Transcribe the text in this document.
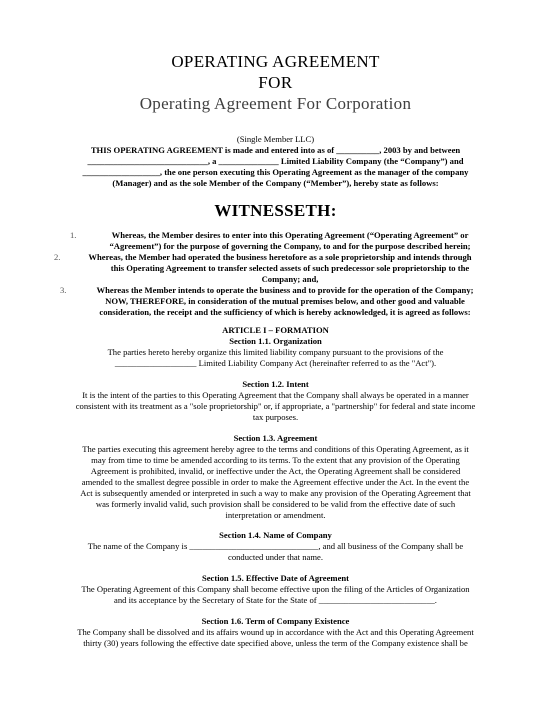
OPERATING AGREEMENT
FOR
Operating Agreement For Corporation
(Single Member LLC)
THIS OPERATING AGREEMENT is made and entered into as of __________, 2003 by and between
____________________________, a ______________ Limited Liability Company (the “Company”) and
__________________, the one person executing this Operating Agreement as the manager of the company
(Manager) and as the sole Member of the Company (“Member”), hereby state as follows:
WITNESSETH:
1.	Whereas, the Member desires to enter into this Operating Agreement (“Operating Agreement” or
“Agreement”) for the purpose of governing the Company, to and for the purpose described herein;
2.	Whereas, the Member had operated the business heretofore as a sole proprietorship and intends through
this Operating Agreement to transfer selected assets of such predecessor sole proprietorship to the
Company; and,
3.	Whereas the Member intends to operate the business and to provide for the operation of the Company;
NOW, THEREFORE, in consideration of the mutual premises below, and other good and valuable
consideration, the receipt and the sufficiency of which is hereby acknowledged, it is agreed as follows:
ARTICLE I – FORMATION
Section 1.1. Organization
The parties hereto hereby organize this limited liability company pursuant to the provisions of the
___________________ Limited Liability Company Act (hereinafter referred to as the "Act").
Section 1.2. Intent
It is the intent of the parties to this Operating Agreement that the Company shall always be operated in a manner
consistent with its treatment as a "sole proprietorship" or, if appropriate, a "partnership" for federal and state income
tax purposes.
Section 1.3. Agreement
The parties executing this agreement hereby agree to the terms and conditions of this Operating Agreement, as it
may from time to time be amended according to its terms. To the extent that any provision of the Operating
Agreement is prohibited, invalid, or ineffective under the Act, the Operating Agreement shall be considered
amended to the smallest degree possible in order to make the Agreement effective under the Act. In the event the
Act is subsequently amended or interpreted in such a way to make any provision of the Operating Agreement that
was formerly invalid valid, such provision shall be considered to be valid from the effective date of such
interpretation or amendment.
Section 1.4. Name of Company
The name of the Company is ______________________________, and all business of the Company shall be
conducted under that name.
Section 1.5. Effective Date of Agreement
The Operating Agreement of this Company shall become effective upon the filing of the Articles of Organization
and its acceptance by the Secretary of State for the State of ___________________________.
Section 1.6. Term of Company Existence
The Company shall be dissolved and its affairs wound up in accordance with the Act and this Operating Agreement
thirty (30) years following the effective date specified above, unless the term of the Company existence shall be
